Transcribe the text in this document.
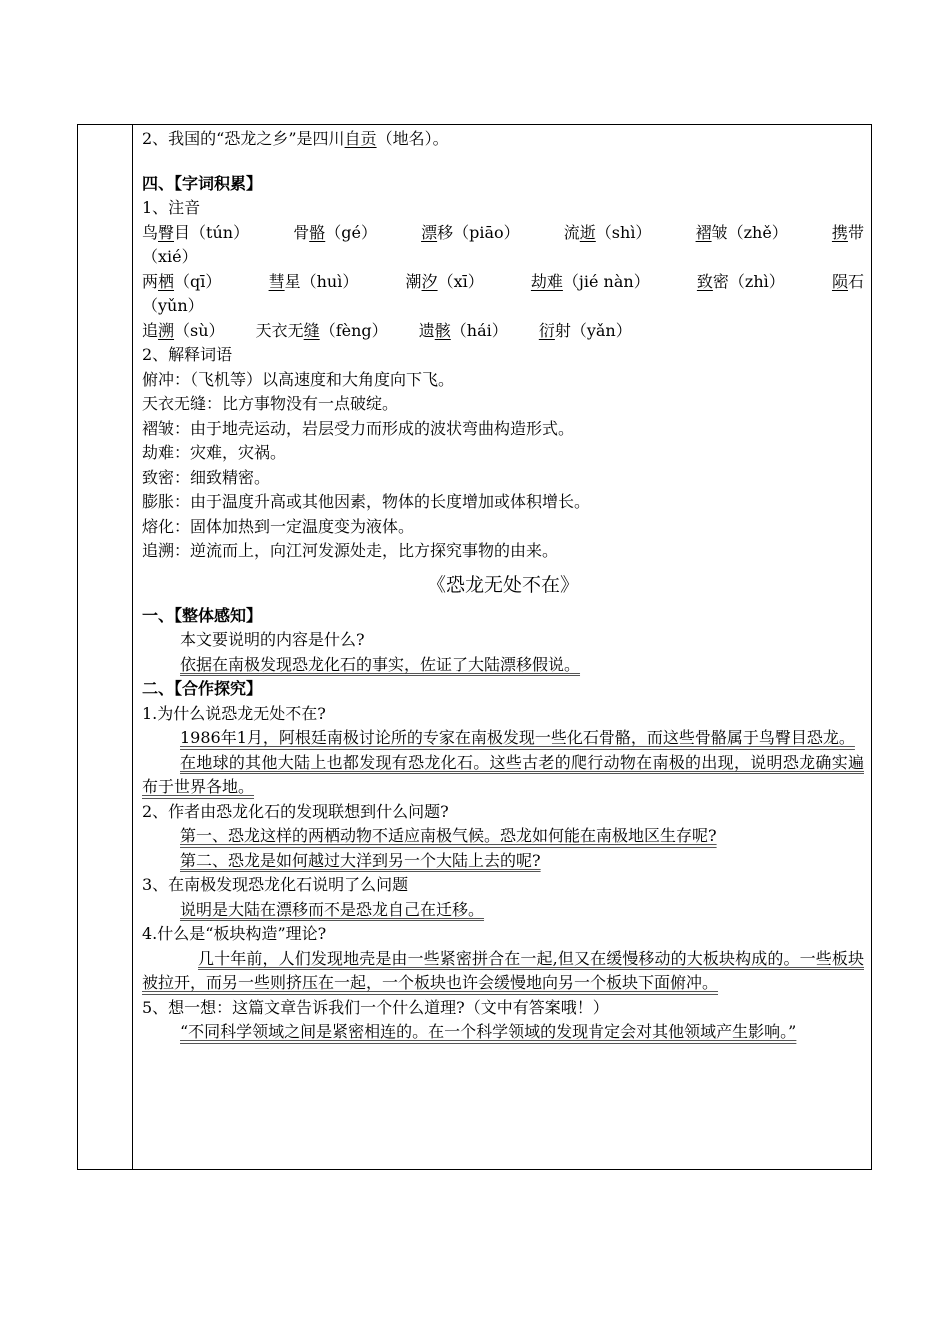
2、我国的“恐龙之乡”是四川自贡（地名）。
四、【字词积累】
1、注音
鸟臀目（tún）	骨骼（gé）	漂移（piāo）	流逝（shì）	褶皱（zhě）	携带
（xié）
两栖（qī）	彗星（huì）	潮汐（xī）	劫难（jié nàn）	致密（zhì）	陨石
（yǔn）
追溯（sù） 天衣无缝（fèng） 遗骸（hái） 衍射（yǎn）
2、解释词语
俯冲：（飞机等）以高速度和大角度向下飞。
天衣无缝：比方事物没有一点破绽。
褶皱：由于地壳运动，岩层受力而形成的波状弯曲构造形式。
劫难：灾难，灾祸。
致密：细致精密。
膨胀：由于温度升高或其他因素，物体的长度增加或体积增长。
熔化：固体加热到一定温度变为液体。
追溯：逆流而上，向江河发源处走，比方探究事物的由来。
《恐龙无处不在》
一、【整体感知】
本文要说明的内容是什么?
依据在南极发现恐龙化石的事实，佐证了大陆漂移假说。
二、【合作探究】
1.为什么说恐龙无处不在?
1986年1月，阿根廷南极讨论所的专家在南极发现一些化石骨骼，而这些骨骼属于鸟臀目恐龙。
在地球的其他大陆上也都发现有恐龙化石。这些古老的爬行动物在南极的出现，说明恐龙确实遍布于世界各地。
2、作者由恐龙化石的发现联想到什么问题?
第一、恐龙这样的两栖动物不适应南极气候。恐龙如何能在南极地区生存呢?
第二、恐龙是如何越过大洋到另一个大陆上去的呢?
3、在南极发现恐龙化石说明了么问题
说明是大陆在漂移而不是恐龙自己在迁移。
4.什么是“板块构造”理论?
几十年前，人们发现地壳是由一些紧密拼合在一起,但又在缓慢移动的大板块构成的。一些板块被拉开，而另一些则挤压在一起，一个板块也许会缓慢地向另一个板块下面俯冲。
5、想一想：这篇文章告诉我们一个什么道理?（文中有答案哦！）
“不同科学领域之间是紧密相连的。在一个科学领域的发现肯定会对其他领域产生影响。”
